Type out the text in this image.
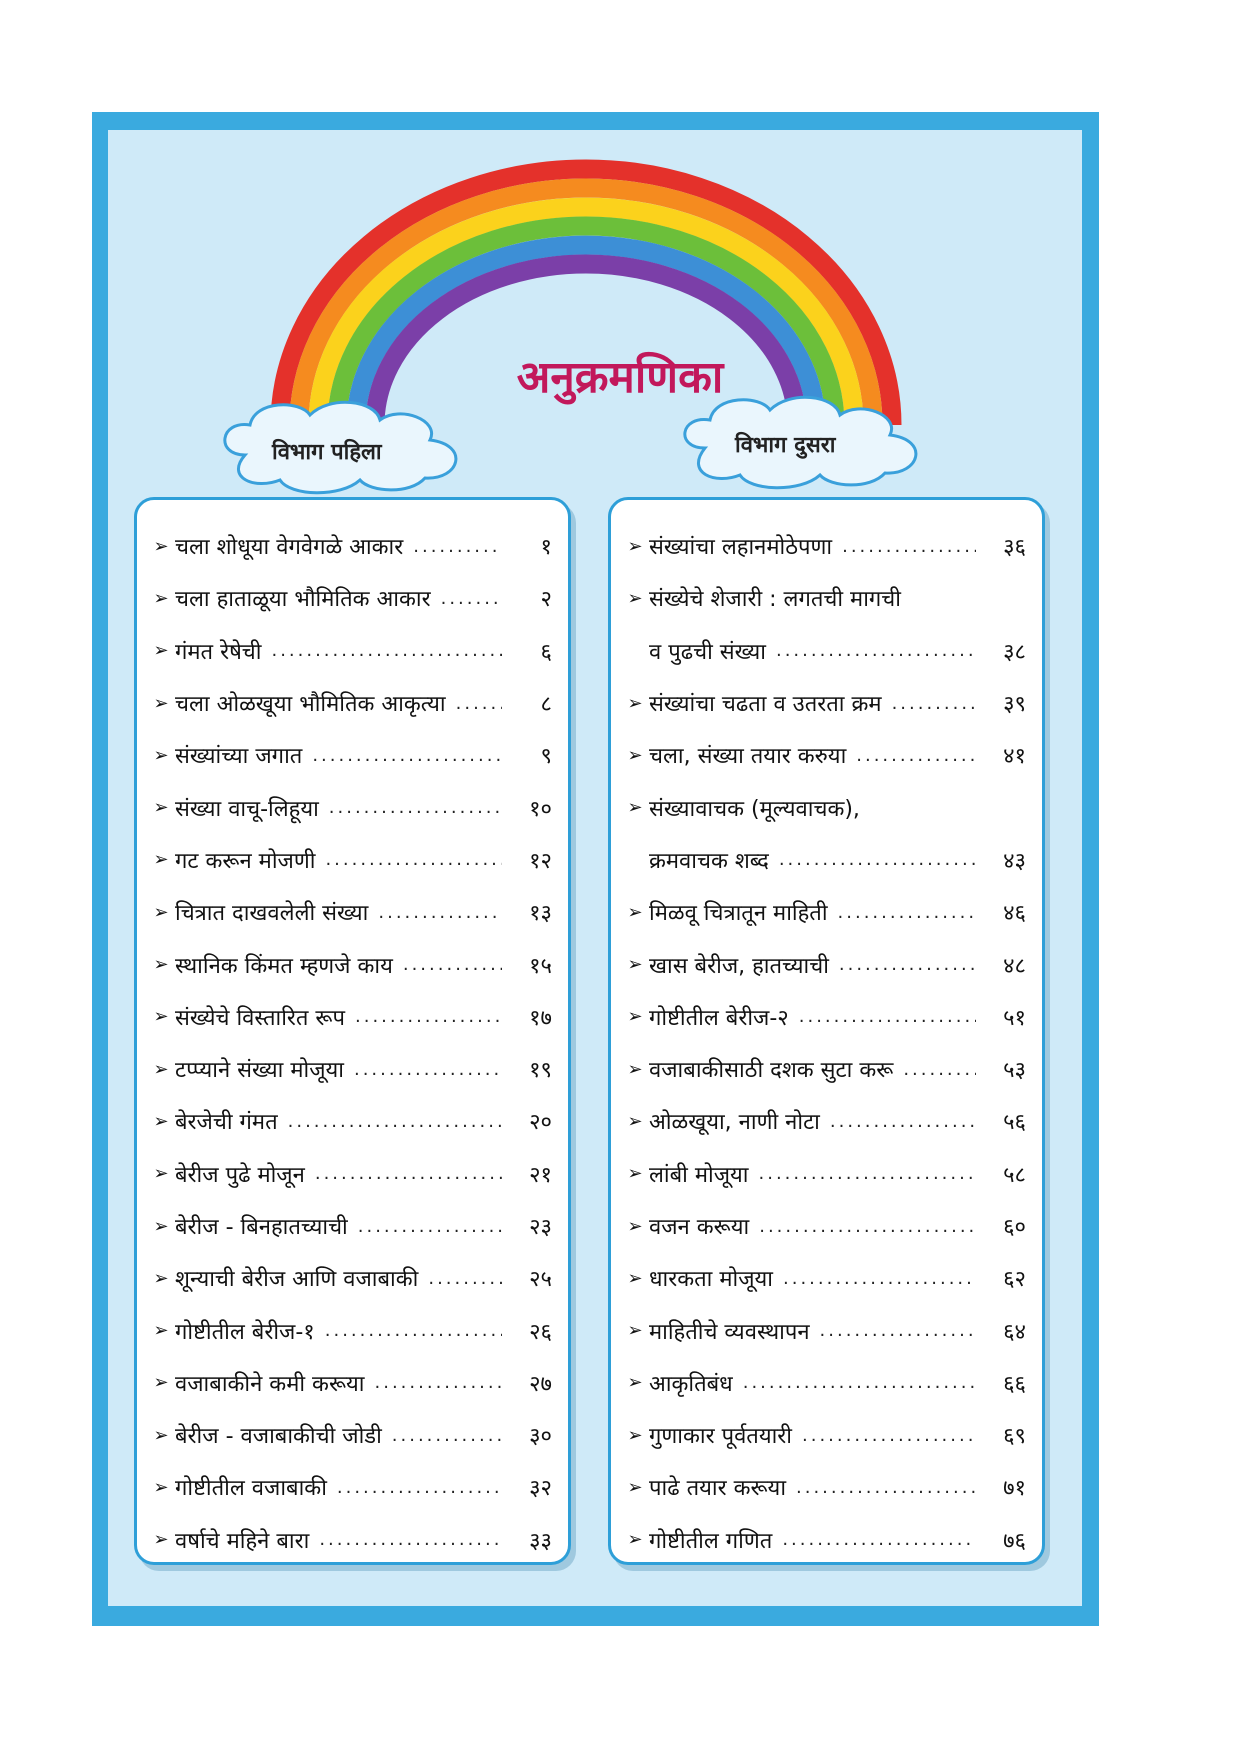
अनुक्रमणिका
विभाग पहिला	विभाग दुसरा
➢ चला शोधूया वेगवेगळे आकार .....	१
➢ चला हाताळूया भौमितिक आकार .....	२
➢ गंमत रेषेची .....	६
➢ चला ओळखूया भौमितिक आकृत्या .....	८
➢ संख्यांच्या जगात .....	९
➢ संख्या वाचू-लिहूया .....	१०
➢ गट करून मोजणी .....	१२
➢ चित्रात दाखवलेली संख्या .....	१३
➢ स्थानिक किंमत म्हणजे काय .....	१५
➢ संख्येचे विस्तारित रूप .....	१७
➢ टप्प्याने संख्या मोजूया .....	१९
➢ बेरजेची गंमत .....	२०
➢ बेरीज पुढे मोजून .....	२१
➢ बेरीज - बिनहातच्याची .....	२३
➢ शून्याची बेरीज आणि वजाबाकी .....	२५
➢ गोष्टीतील बेरीज-१ .....	२६
➢ वजाबाकीने कमी करूया .....	२७
➢ बेरीज - वजाबाकीची जोडी .....	३०
➢ गोष्टीतील वजाबाकी .....	३२
➢ वर्षाचे महिने बारा .....	३३
➢ संख्यांचा लहानमोठेपणा .....	३६
➢ संख्येचे शेजारी : लगतची मागची
व पुढची संख्या .....	३८
➢ संख्यांचा चढता व उतरता क्रम .....	३९
➢ चला, संख्या तयार करुया .....	४१
➢ संख्यावाचक (मूल्यवाचक),
क्रमवाचक शब्द .....	४३
➢ मिळवू चित्रातून माहिती .....	४६
➢ खास बेरीज, हातच्याची .....	४८
➢ गोष्टीतील बेरीज-२ .....	५१
➢ वजाबाकीसाठी दशक सुटा करू .....	५३
➢ ओळखूया, नाणी नोटा .....	५६
➢ लांबी मोजूया .....	५८
➢ वजन करूया .....	६०
➢ धारकता मोजूया .....	६२
➢ माहितीचे व्यवस्थापन .....	६४
➢ आकृतिबंध .....	६६
➢ गुणाकार पूर्वतयारी .....	६९
➢ पाढे तयार करूया .....	७१
➢ गोष्टीतील गणित .....	७६
